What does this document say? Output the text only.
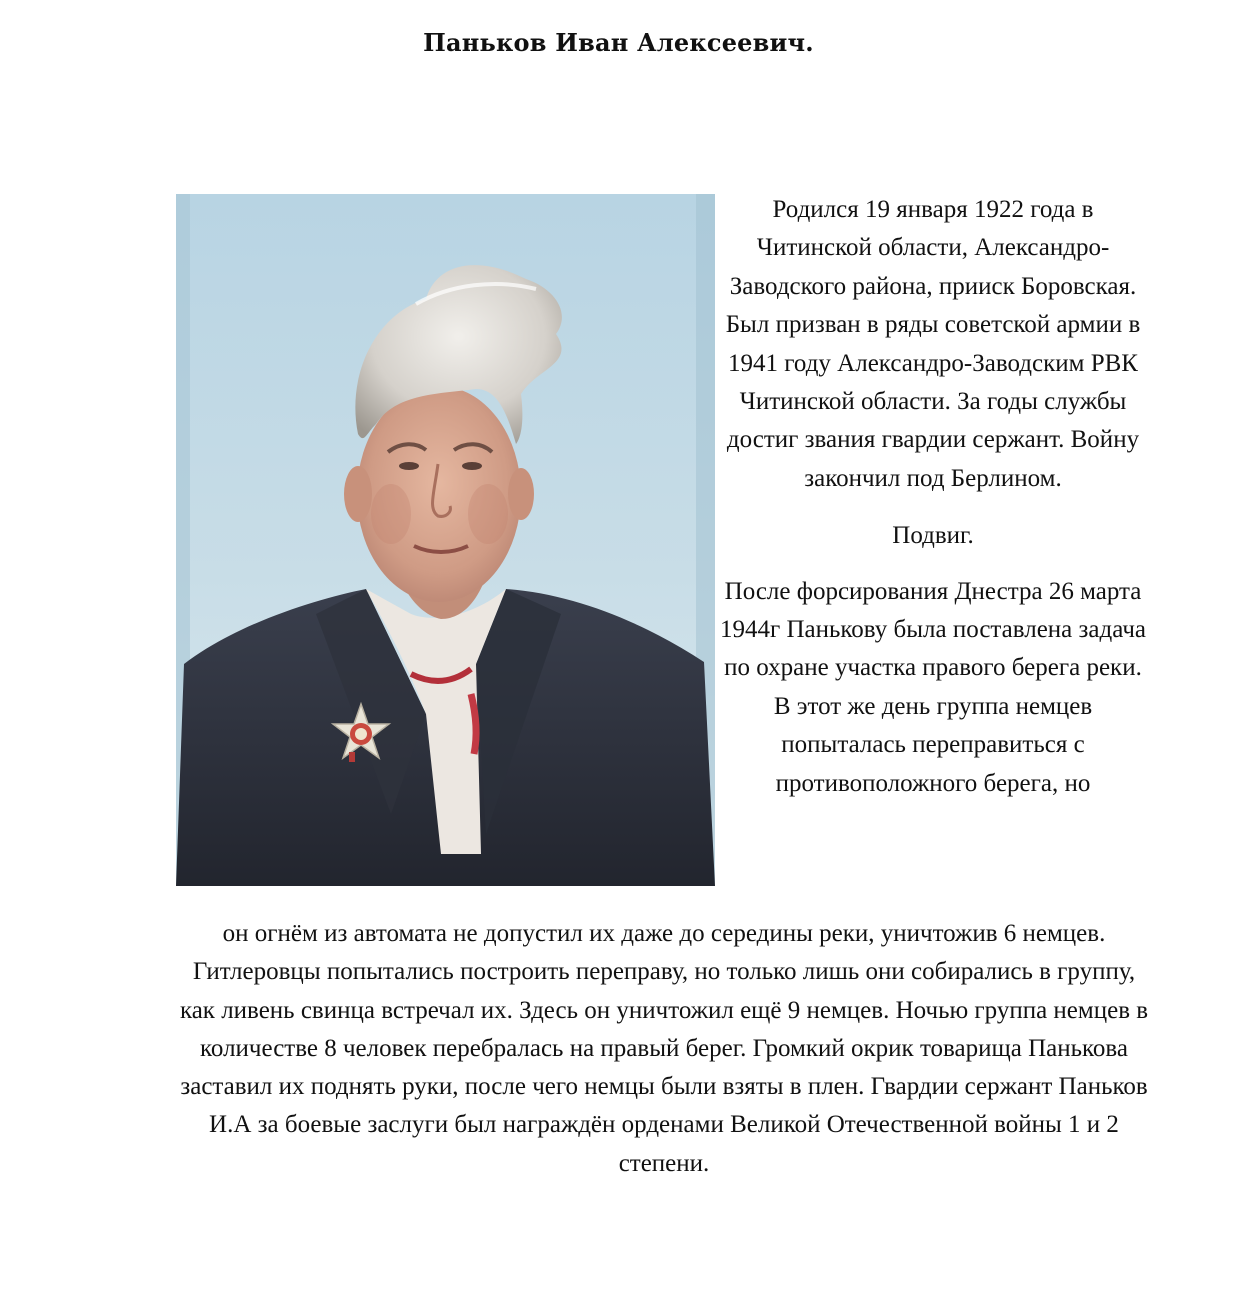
Паньков Иван Алексеевич.

Родился 19 января 1922 года в Читинской области, Александро-Заводского района, прииск Боровская. Был призван в ряды советской армии в 1941 году Александро-Заводским РВК Читинской области. За годы службы достиг звания гвардии сержант. Войну закончил под Берлином.

Подвиг.

После форсирования Днестра 26 марта 1944г Панькову была поставлена задача по охране участка правого берега реки. В этот же день группа немцев попыталась переправиться с противоположного берега, но

он огнём из автомата не допустил их даже до середины реки, уничтожив 6 немцев. Гитлеровцы попытались построить переправу, но только лишь они собирались в группу, как ливень свинца встречал их. Здесь он уничтожил ещё 9 немцев. Ночью группа немцев в количестве 8 человек перебралась на правый берег. Громкий окрик товарища Панькова заставил их поднять руки, после чего немцы были взяты в плен. Гвардии сержант Паньков И.А за боевые заслуги был награждён орденами Великой Отечественной войны 1 и 2 степени.
